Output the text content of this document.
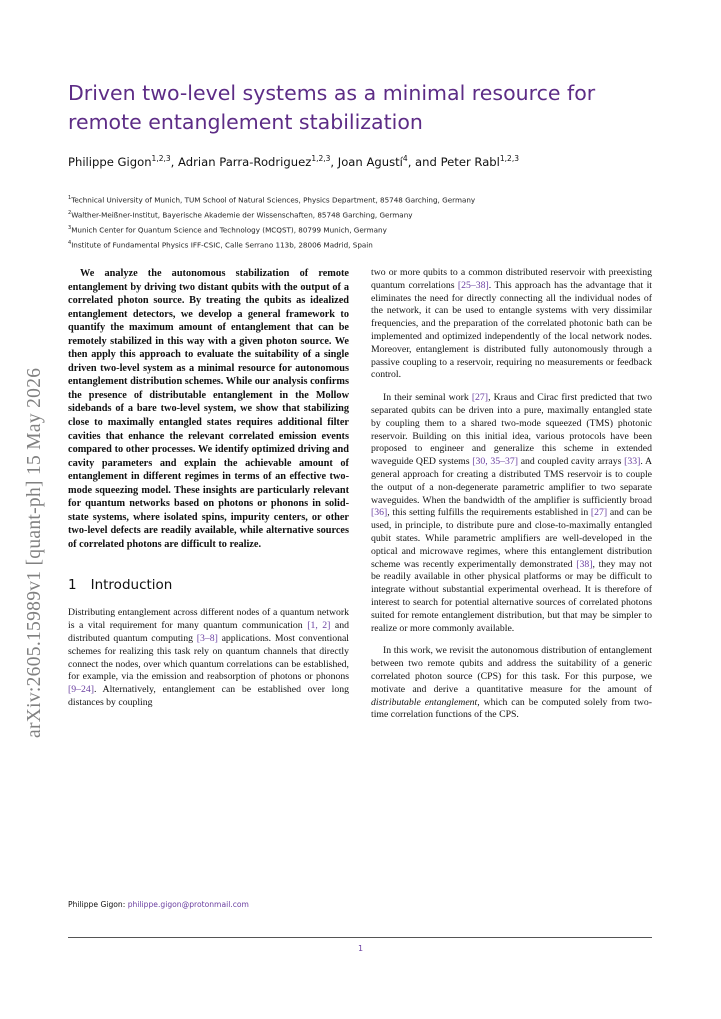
Driven two-level systems as a minimal resource for remote entanglement stabilization
Philippe Gigon$^{1,2,3}$, Adrian Parra-Rodriguez$^{1,2,3}$, Joan Agustí$^4$, and Peter Rabl$^{1,2,3}$
$^1$Technical University of Munich, TUM School of Natural Sciences, Physics Department, 85748 Garching, Germany
$^2$Walther-Meißner-Institut, Bayerische Akademie der Wissenschaften, 85748 Garching, Germany
$^3$Munich Center for Quantum Science and Technology (MCQST), 80799 Munich, Germany
$^4$Institute of Fundamental Physics IFF-CSIC, Calle Serrano 113b, 28006 Madrid, Spain
arXiv:2605.15989v1 [quant-ph] 15 May 2026

We analyze the autonomous stabilization of remote entanglement by driving two distant qubits with the output of a correlated photon source. By treating the qubits as idealized entanglement detectors, we develop a general framework to quantify the maximum amount of entanglement that can be remotely stabilized in this way with a given photon source. We then apply this approach to evaluate the suitability of a single driven two-level system as a minimal resource for autonomous entanglement distribution schemes. While our analysis confirms the presence of distributable entanglement in the Mollow sidebands of a bare two-level system, we show that stabilizing close to maximally entangled states requires additional filter cavities that enhance the relevant correlated emission events compared to other processes. We identify optimized driving and cavity parameters and explain the achievable amount of entanglement in different regimes in terms of an effective two-mode squeezing model. These insights are particularly relevant for quantum networks based on photons or phonons in solid-state systems, where isolated spins, impurity centers, or other two-level defects are readily available, while alternative sources of correlated photons are difficult to realize.

1 Introduction

Distributing entanglement across different nodes of a quantum network is a vital requirement for many quantum communication [1, 2] and distributed quantum computing [3–8] applications. Most conventional schemes for realizing this task rely on quantum channels that directly connect the nodes, over which quantum correlations can be established, for example, via the emission and reabsorption of photons or phonons [9–24]. Alternatively, entanglement can be established over long distances by coupling

two or more qubits to a common distributed reservoir with preexisting quantum correlations [25–38]. This approach has the advantage that it eliminates the need for directly connecting all the individual nodes of the network, it can be used to entangle systems with very dissimilar frequencies, and the preparation of the correlated photonic bath can be implemented and optimized independently of the local network nodes. Moreover, entanglement is distributed fully autonomously through a passive coupling to a reservoir, requiring no measurements or feedback control.

In their seminal work [27], Kraus and Cirac first predicted that two separated qubits can be driven into a pure, maximally entangled state by coupling them to a shared two-mode squeezed (TMS) photonic reservoir. Building on this initial idea, various protocols have been proposed to engineer and generalize this scheme in extended waveguide QED systems [30, 35–37] and coupled cavity arrays [33]. A general approach for creating a distributed TMS reservoir is to couple the output of a non-degenerate parametric amplifier to two separate waveguides. When the bandwidth of the amplifier is sufficiently broad [36], this setting fulfills the requirements established in [27] and can be used, in principle, to distribute pure and close-to-maximally entangled qubit states. While parametric amplifiers are well-developed in the optical and microwave regimes, where this entanglement distribution scheme was recently experimentally demonstrated [38], they may not be readily available in other physical platforms or may be difficult to integrate without substantial experimental overhead. It is therefore of interest to search for potential alternative sources of correlated photons suited for remote entanglement distribution, but that may be simpler to realize or more commonly available.

In this work, we revisit the autonomous distribution of entanglement between two remote qubits and address the suitability of a generic correlated photon source (CPS) for this task. For this purpose, we motivate and derive a quantitative measure for the amount of distributable entanglement, which can be computed solely from two-time correlation functions of the CPS.

Philippe Gigon: philippe.gigon@protonmail.com
1
